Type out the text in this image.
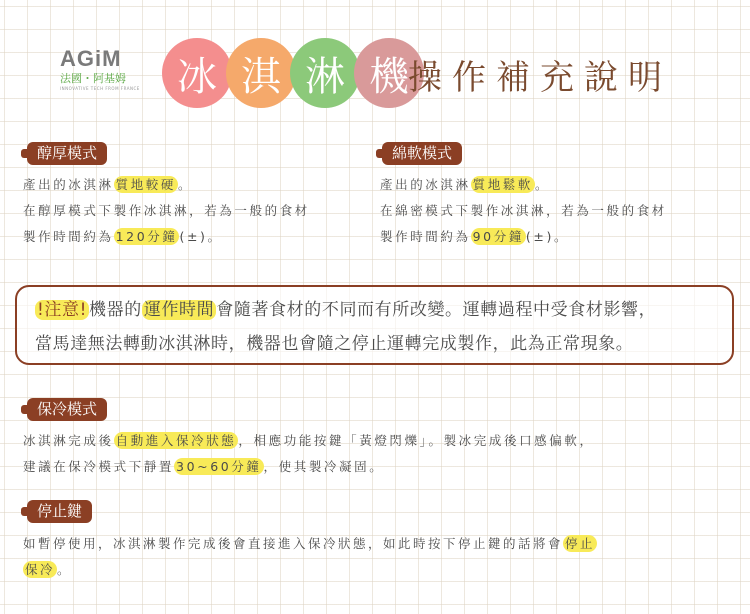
AGiM
法國・阿基姆
INNOVATIVE TECH FROM FRANCE 冰 淇 淋 機 操作補充說明
醇厚模式
產出的冰淇淋 質地較硬 。
在醇厚模式下製作冰淇淋，若為一般的食材
製作時間約為 120分鐘 (±)。
綿軟模式
產出的冰淇淋 質地鬆軟 。
在綿密模式下製作冰淇淋，若為一般的食材
製作時間約為 90分鐘 (±)。
!注意! 機器的 運作時間 會隨著食材的不同而有所改變。運轉過程中受食材影響，
當馬達無法轉動冰淇淋時，機器也會隨之停止運轉完成製作，此為正常現象。
保冷模式
冰淇淋完成後 自動進入保冷狀態 ，相應功能按鍵「黃燈閃爍」。製冰完成後口感偏軟，
建議在保冷模式下靜置 30~60分鐘 ，使其製冷凝固。
停止鍵
如暫停使用，冰淇淋製作完成後會直接進入保冷狀態，如此時按下停止鍵的話將會 停止
保冷 。
